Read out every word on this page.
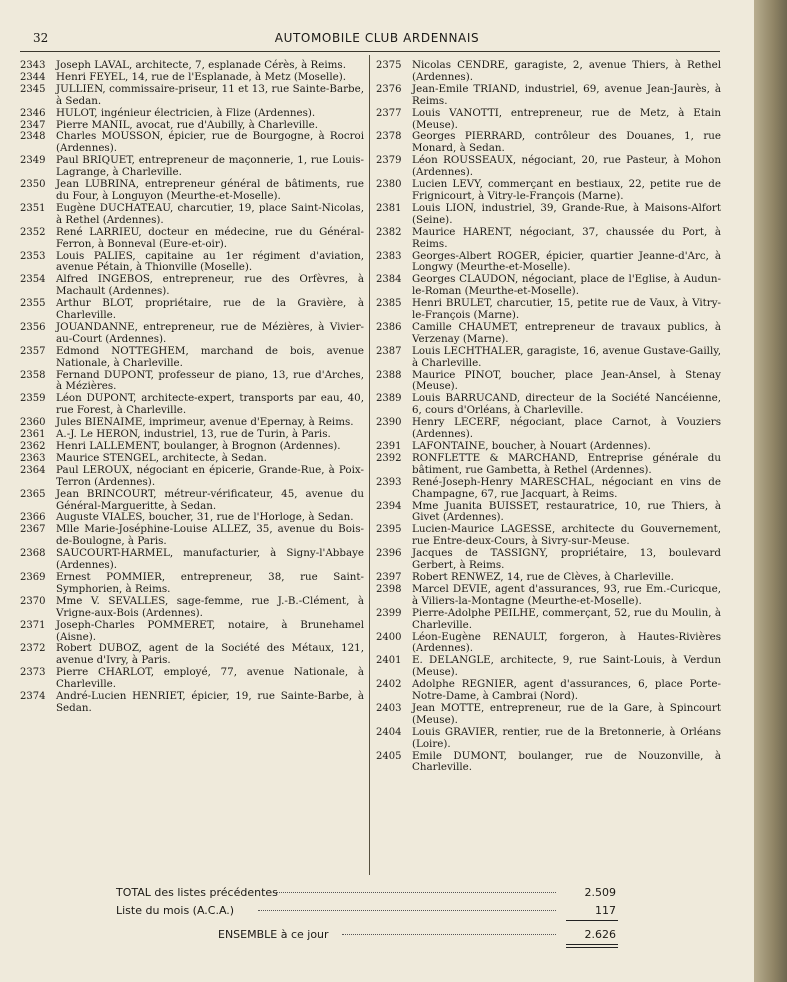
32	AUTOMOBILE CLUB ARDENNAIS
2343	Joseph LAVAL, architecte, 7, esplanade Cérès, à Reims.
2344	Henri FEYEL, 14, rue de l'Esplanade, à Metz (Moselle).
2345	JULLIEN, commissaire-priseur, 11 et 13, rue Sainte-Barbe, à Sedan.
2346	HULOT, ingénieur électricien, à Flize (Ardennes).
2347	Pierre MANIL, avocat, rue d'Aubilly, à Charleville.
2348	Charles MOUSSON, épicier, rue de Bourgogne, à Rocroi (Ardennes).
2349	Paul BRIQUET, entrepreneur de maçonnerie, 1, rue Louis-Lagrange, à Charleville.
2350	Jean LUBRINA, entrepreneur général de bâtiments, rue du Four, à Longuyon (Meurthe-et-Moselle).
2351	Eugène DUCHATEAU, charcutier, 19, place Saint-Nicolas, à Rethel (Ardennes).
2352	René LARRIEU, docteur en médecine, rue du Général-Ferron, à Bonneval (Eure-et-oir).
2353	Louis PALIES, capitaine au 1er régiment d'aviation, avenue Pétain, à Thionville (Moselle).
2354	Alfred INGEBOS, entrepreneur, rue des Orfèvres, à Machault (Ardennes).
2355	Arthur BLOT, propriétaire, rue de la Gravière, à Charleville.
2356	JOUANDANNE, entrepreneur, rue de Mézières, à Vivier-au-Court (Ardennes).
2357	Edmond NOTTEGHEM, marchand de bois, avenue Nationale, à Charleville.
2358	Fernand DUPONT, professeur de piano, 13, rue d'Arches, à Mézières.
2359	Léon DUPONT, architecte-expert, transports par eau, 40, rue Forest, à Charleville.
2360	Jules BIENAIME, imprimeur, avenue d'Epernay, à Reims.
2361	A.-J. Le HERON, industriel, 13, rue de Turin, à Paris.
2362	Henri LALLEMENT, boulanger, à Brognon (Ardennes).
2363	Maurice STENGEL, architecte, à Sedan.
2364	Paul LEROUX, négociant en épicerie, Grande-Rue, à Poix-Terron (Ardennes).
2365	Jean BRINCOURT, métreur-vérificateur, 45, avenue du Général-Margueritte, à Sedan.
2366	Auguste VIALES, boucher, 31, rue de l'Horloge, à Sedan.
2367	Mlle Marie-Joséphine-Louise ALLEZ, 35, avenue du Bois-de-Boulogne, à Paris.
2368	SAUCOURT-HARMEL, manufacturier, à Signy-l'Abbaye (Ardennes).
2369	Ernest POMMIER, entrepreneur, 38, rue Saint-Symphorien, à Reims.
2370	Mme V. SEVALLES, sage-femme, rue J.-B.-Clément, à Vrigne-aux-Bois (Ardennes).
2371	Joseph-Charles POMMERET, notaire, à Brunehamel (Aisne).
2372	Robert DUBOZ, agent de la Société des Métaux, 121, avenue d'Ivry, à Paris.
2373	Pierre CHARLOT, employé, 77, avenue Nationale, à Charleville.
2374	André-Lucien HENRIET, épicier, 19, rue Sainte-Barbe, à Sedan.
2375	Nicolas CENDRE, garagiste, 2, avenue Thiers, à Rethel (Ardennes).
2376	Jean-Emile TRIAND, industriel, 69, avenue Jean-Jaurès, à Reims.
2377	Louis VANOTTI, entrepreneur, rue de Metz, à Etain (Meuse).
2378	Georges PIERRARD, contrôleur des Douanes, 1, rue Monard, à Sedan.
2379	Léon ROUSSEAUX, négociant, 20, rue Pasteur, à Mohon (Ardennes).
2380	Lucien LEVY, commerçant en bestiaux, 22, petite rue de Frignicourt, à Vitry-le-François (Marne).
2381	Louis LION, industriel, 39, Grande-Rue, à Maisons-Alfort (Seine).
2382	Maurice HARENT, négociant, 37, chaussée du Port, à Reims.
2383	Georges-Albert ROGER, épicier, quartier Jeanne-d'Arc, à Longwy (Meurthe-et-Moselle).
2384	Georges CLAUDON, négociant, place de l'Eglise, à Audun-le-Roman (Meurthe-et-Moselle).
2385	Henri BRULET, charcutier, 15, petite rue de Vaux, à Vitry-le-François (Marne).
2386	Camille CHAUMET, entrepreneur de travaux publics, à Verzenay (Marne).
2387	Louis LECHTHALER, garagiste, 16, avenue Gustave-Gailly, à Charleville.
2388	Maurice PINOT, boucher, place Jean-Ansel, à Stenay (Meuse).
2389	Louis BARRUCAND, directeur de la Société Nancéienne, 6, cours d'Orléans, à Charleville.
2390	Henry LECERF, négociant, place Carnot, à Vouziers (Ardennes).
2391	LAFONTAINE, boucher, à Nouart (Ardennes).
2392	RONFLETTE & MARCHAND, Entreprise générale du bâtiment, rue Gambetta, à Rethel (Ardennes).
2393	René-Joseph-Henry MARESCHAL, négociant en vins de Champagne, 67, rue Jacquart, à Reims.
2394	Mme Juanita BUISSET, restauratrice, 10, rue Thiers, à Givet (Ardennes).
2395	Lucien-Maurice LAGESSE, architecte du Gouvernement, rue Entre-deux-Cours, à Sivry-sur-Meuse.
2396	Jacques de TASSIGNY, propriétaire, 13, boulevard Gerbert, à Reims.
2397	Robert RENWEZ, 14, rue de Clèves, à Charleville.
2398	Marcel DEVIE, agent d'assurances, 93, rue Em.-Curicque, à Viliers-la-Montagne (Meurthe-et-Moselle).
2399	Pierre-Adolphe PEILHE, commerçant, 52, rue du Moulin, à Charleville.
2400	Léon-Eugène RENAULT, forgeron, à Hautes-Rivières (Ardennes).
2401	E. DELANGLE, architecte, 9, rue Saint-Louis, à Verdun (Meuse).
2402	Adolphe REGNIER, agent d'assurances, 6, place Porte-Notre-Dame, à Cambrai (Nord).
2403	Jean MOTTE, entrepreneur, rue de la Gare, à Spincourt (Meuse).
2404	Louis GRAVIER, rentier, rue de la Bretonnerie, à Orléans (Loire).
2405	Emile DUMONT, boulanger, rue de Nouzonville, à Charleville.
TOTAL des listes précédentes	2.509
Liste du mois (A.C.A.)	117
ENSEMBLE à ce jour	2.626
